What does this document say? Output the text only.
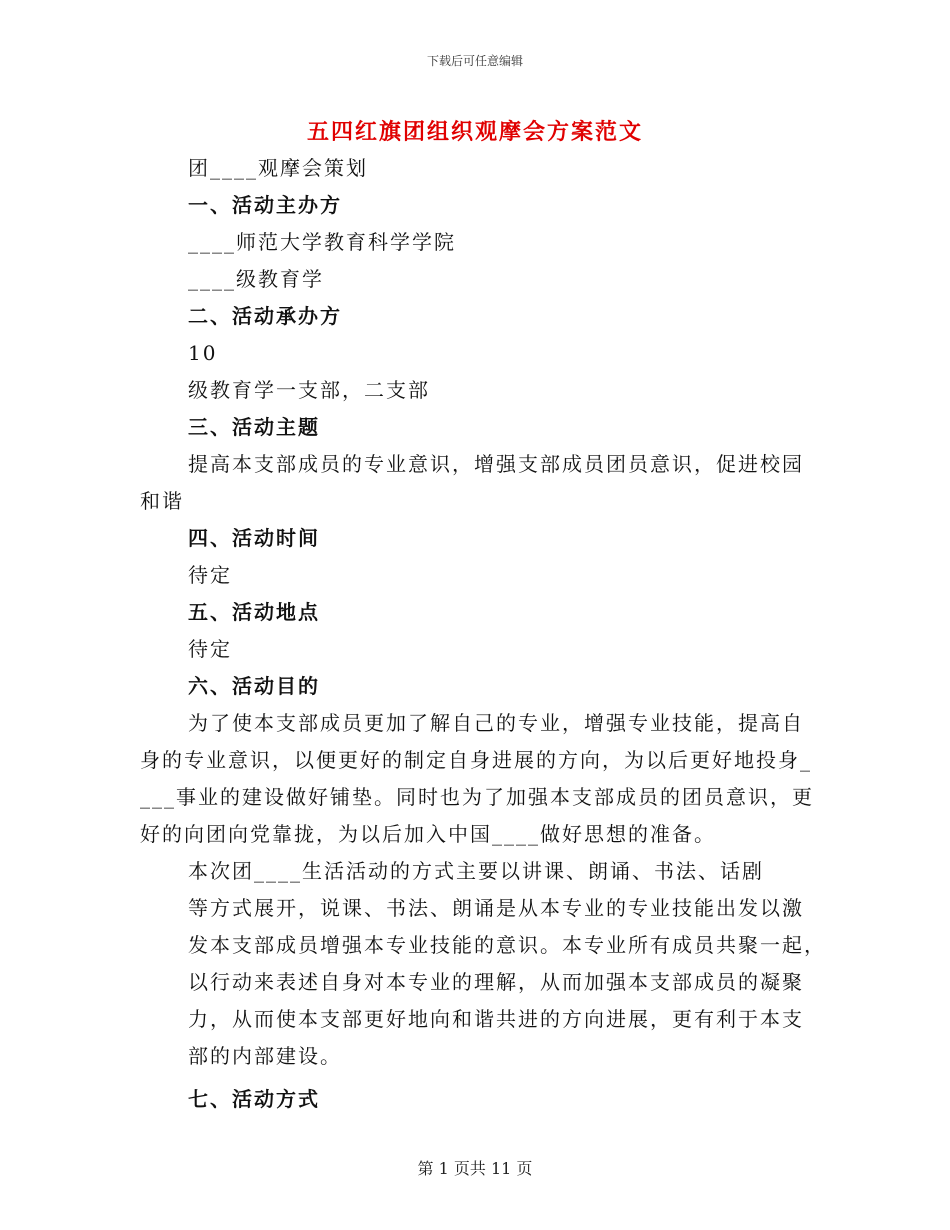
下载后可任意编辑
五四红旗团组织观摩会方案范文
团____观摩会策划
一、活动主办方
____师范大学教育科学学院
____级教育学
二、活动承办方
10
级教育学一支部，二支部
三、活动主题
提高本支部成员的专业意识，增强支部成员团员意识，促进校园
和谐
四、活动时间
待定
五、活动地点
待定
六、活动目的
为了使本支部成员更加了解自己的专业，增强专业技能，提高自
身的专业意识，以便更好的制定自身进展的方向，为以后更好地投身_
___事业的建设做好铺垫。同时也为了加强本支部成员的团员意识，更
好的向团向党靠拢，为以后加入中国____做好思想的准备。
本次团____生活活动的方式主要以讲课、朗诵、书法、话剧
等方式展开，说课、书法、朗诵是从本专业的专业技能出发以激
发本支部成员增强本专业技能的意识。本专业所有成员共聚一起，
以行动来表述自身对本专业的理解，从而加强本支部成员的凝聚
力，从而使本支部更好地向和谐共进的方向进展，更有利于本支
部的内部建设。
七、活动方式
第 1 页共 11 页
